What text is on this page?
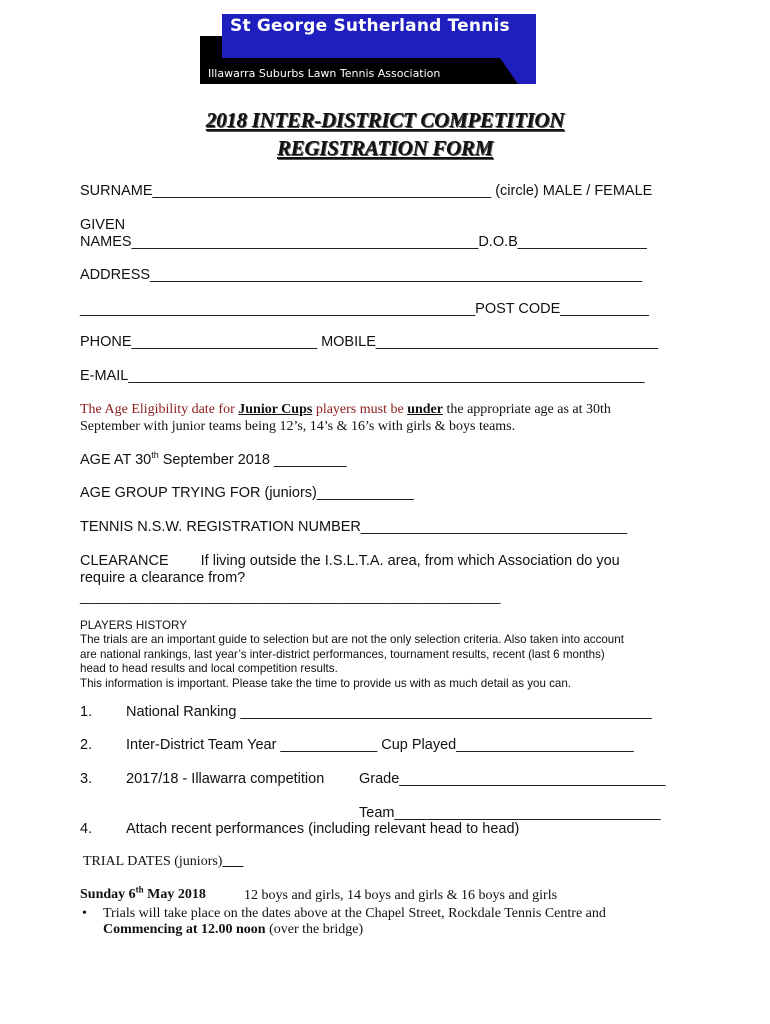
St George Sutherland Tennis
Illawarra Suburbs Lawn Tennis Association
2018 INTER-DISTRICT COMPETITION
REGISTRATION FORM
SURNAME__________________________________________ (circle) MALE / FEMALE
GIVEN
NAMES___________________________________________D.O.B________________
ADDRESS_____________________________________________________________
_________________________________________________POST CODE___________
PHONE_______________________ MOBILE___________________________________
E-MAIL________________________________________________________________
The Age Eligibility date for Junior Cups players must be under the appropriate age as at 30th
September with junior teams being 12’s, 14’s & 16’s with girls & boys teams.
AGE AT 30th September 2018 _________
AGE GROUP TRYING FOR (juniors)____________
TENNIS N.S.W. REGISTRATION NUMBER_________________________________
CLEARANCE If living outside the I.S.L.T.A. area, from which Association do you
require a clearance from?
______________________________________________________
PLAYERS HISTORY
The trials are an important guide to selection but are not the only selection criteria. Also taken into account
are national rankings, last year’s inter-district performances, tournament results, recent (last 6 months)
head to head results and local competition results.
This information is important. Please take the time to provide us with as much detail as you can.
1. National Ranking ___________________________________________________
2. Inter-District Team Year ____________ Cup Played______________________
3. 2017/18 - Illawarra competition Grade_________________________________
Team_________________________________
4. Attach recent performances (including relevant head to head)
TRIAL DATES (juniors)
Sunday 6th May 2018	12 boys and girls, 14 boys and girls & 16 boys and girls
• Trials will take place on the dates above at the Chapel Street, Rockdale Tennis Centre and
Commencing at 12.00 noon (over the bridge)
